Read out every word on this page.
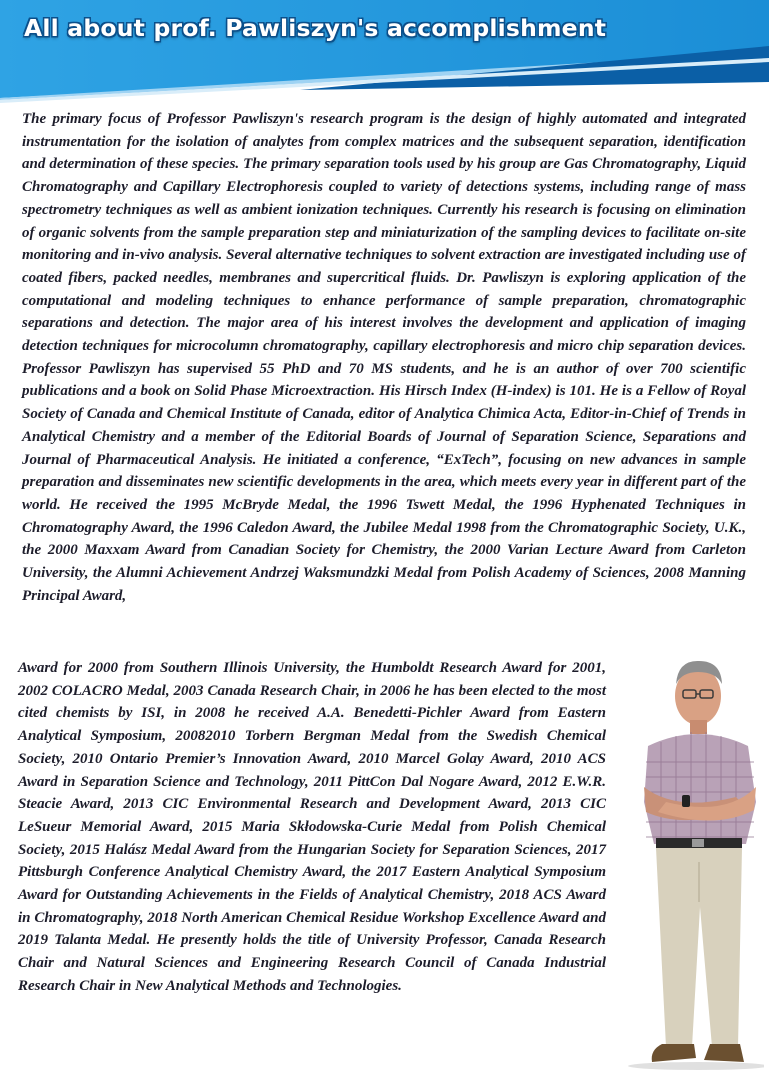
All about prof. Pawliszyn's accomplishment

The primary focus of Professor Pawliszyn's research program is the design of highly automated and integrated instrumentation for the isolation of analytes from complex matrices and the subsequent separation, identification and determination of these species. The primary separation tools used by his group are Gas Chromatography, Liquid Chromatography and Capillary Electrophoresis coupled to variety of detections systems, including range of mass spectrometry techniques as well as ambient ionization techniques. Currently his research is focusing on elimination of organic solvents from the sample preparation step and miniaturization of the sampling devices to facilitate on-site monitoring and in-vivo analysis. Several alternative techniques to solvent extraction are investigated including use of coated fibers, packed needles, membranes and supercritical fluids. Dr. Pawliszyn is exploring application of the computational and modeling techniques to enhance performance of sample preparation, chromatographic separations and detection. The major area of his interest involves the development and application of imaging detection techniques for microcolumn chromatography, capillary electrophoresis and micro chip separation devices. Professor Pawliszyn has supervised 55 PhD and 70 MS students, and he is an author of over 700 scientific publications and a book on Solid Phase Microextraction. His Hirsch Index (H-index) is 101. He is a Fellow of Royal Society of Canada and Chemical Institute of Canada, editor of Analytica Chimica Acta, Editor-in-Chief of Trends in Analytical Chemistry and a member of the Editorial Boards of Journal of Separation Science, Separations and Journal of Pharmaceutical Analysis. He initiated a conference, “ExTech”, focusing on new advances in sample preparation and disseminates new scientific developments in the area, which meets every year in different part of the world. He received the 1995 McBryde Medal, the 1996 Tswett Medal, the 1996 Hyphenated Techniques in Chromatography Award, the 1996 Caledon Award, the Jubilee Medal 1998 from the Chromatographic Society, U.K., the 2000 Maxxam Award from Canadian Society for Chemistry, the 2000 Varian Lecture Award from Carleton University, the Alumni Achievement Andrzej Waksmundzki Medal from Polish Academy of Sciences, 2008 Manning Principal Award,

Award for 2000 from Southern Illinois University, the Humboldt Research Award for 2001, 2002 COLACRO Medal, 2003 Canada Research Chair, in 2006 he has been elected to the most cited chemists by ISI, in 2008 he received A.A. Benedetti-Pichler Award from Eastern Analytical Symposium, 20082010 Torbern Bergman Medal from the Swedish Chemical Society, 2010 Ontario Premier’s Innovation Award, 2010 Marcel Golay Award, 2010 ACS Award in Separation Science and Technology, 2011 PittCon Dal Nogare Award, 2012 E.W.R. Steacie Award, 2013 CIC Environmental Research and Development Award, 2013 CIC LeSueur Memorial Award, 2015 Maria Skłodowska-Curie Medal from Polish Chemical Society, 2015 Halász Medal Award from the Hungarian Society for Separation Sciences, 2017 Pittsburgh Conference Analytical Chemistry Award, the 2017 Eastern Analytical Symposium Award for Outstanding Achievements in the Fields of Analytical Chemistry, 2018 ACS Award in Chromatography, 2018 North American Chemical Residue Workshop Excellence Award and 2019 Talanta Medal. He presently holds the title of University Professor, Canada Research Chair and Natural Sciences and Engineering Research Council of Canada Industrial Research Chair in New Analytical Methods and Technologies.
